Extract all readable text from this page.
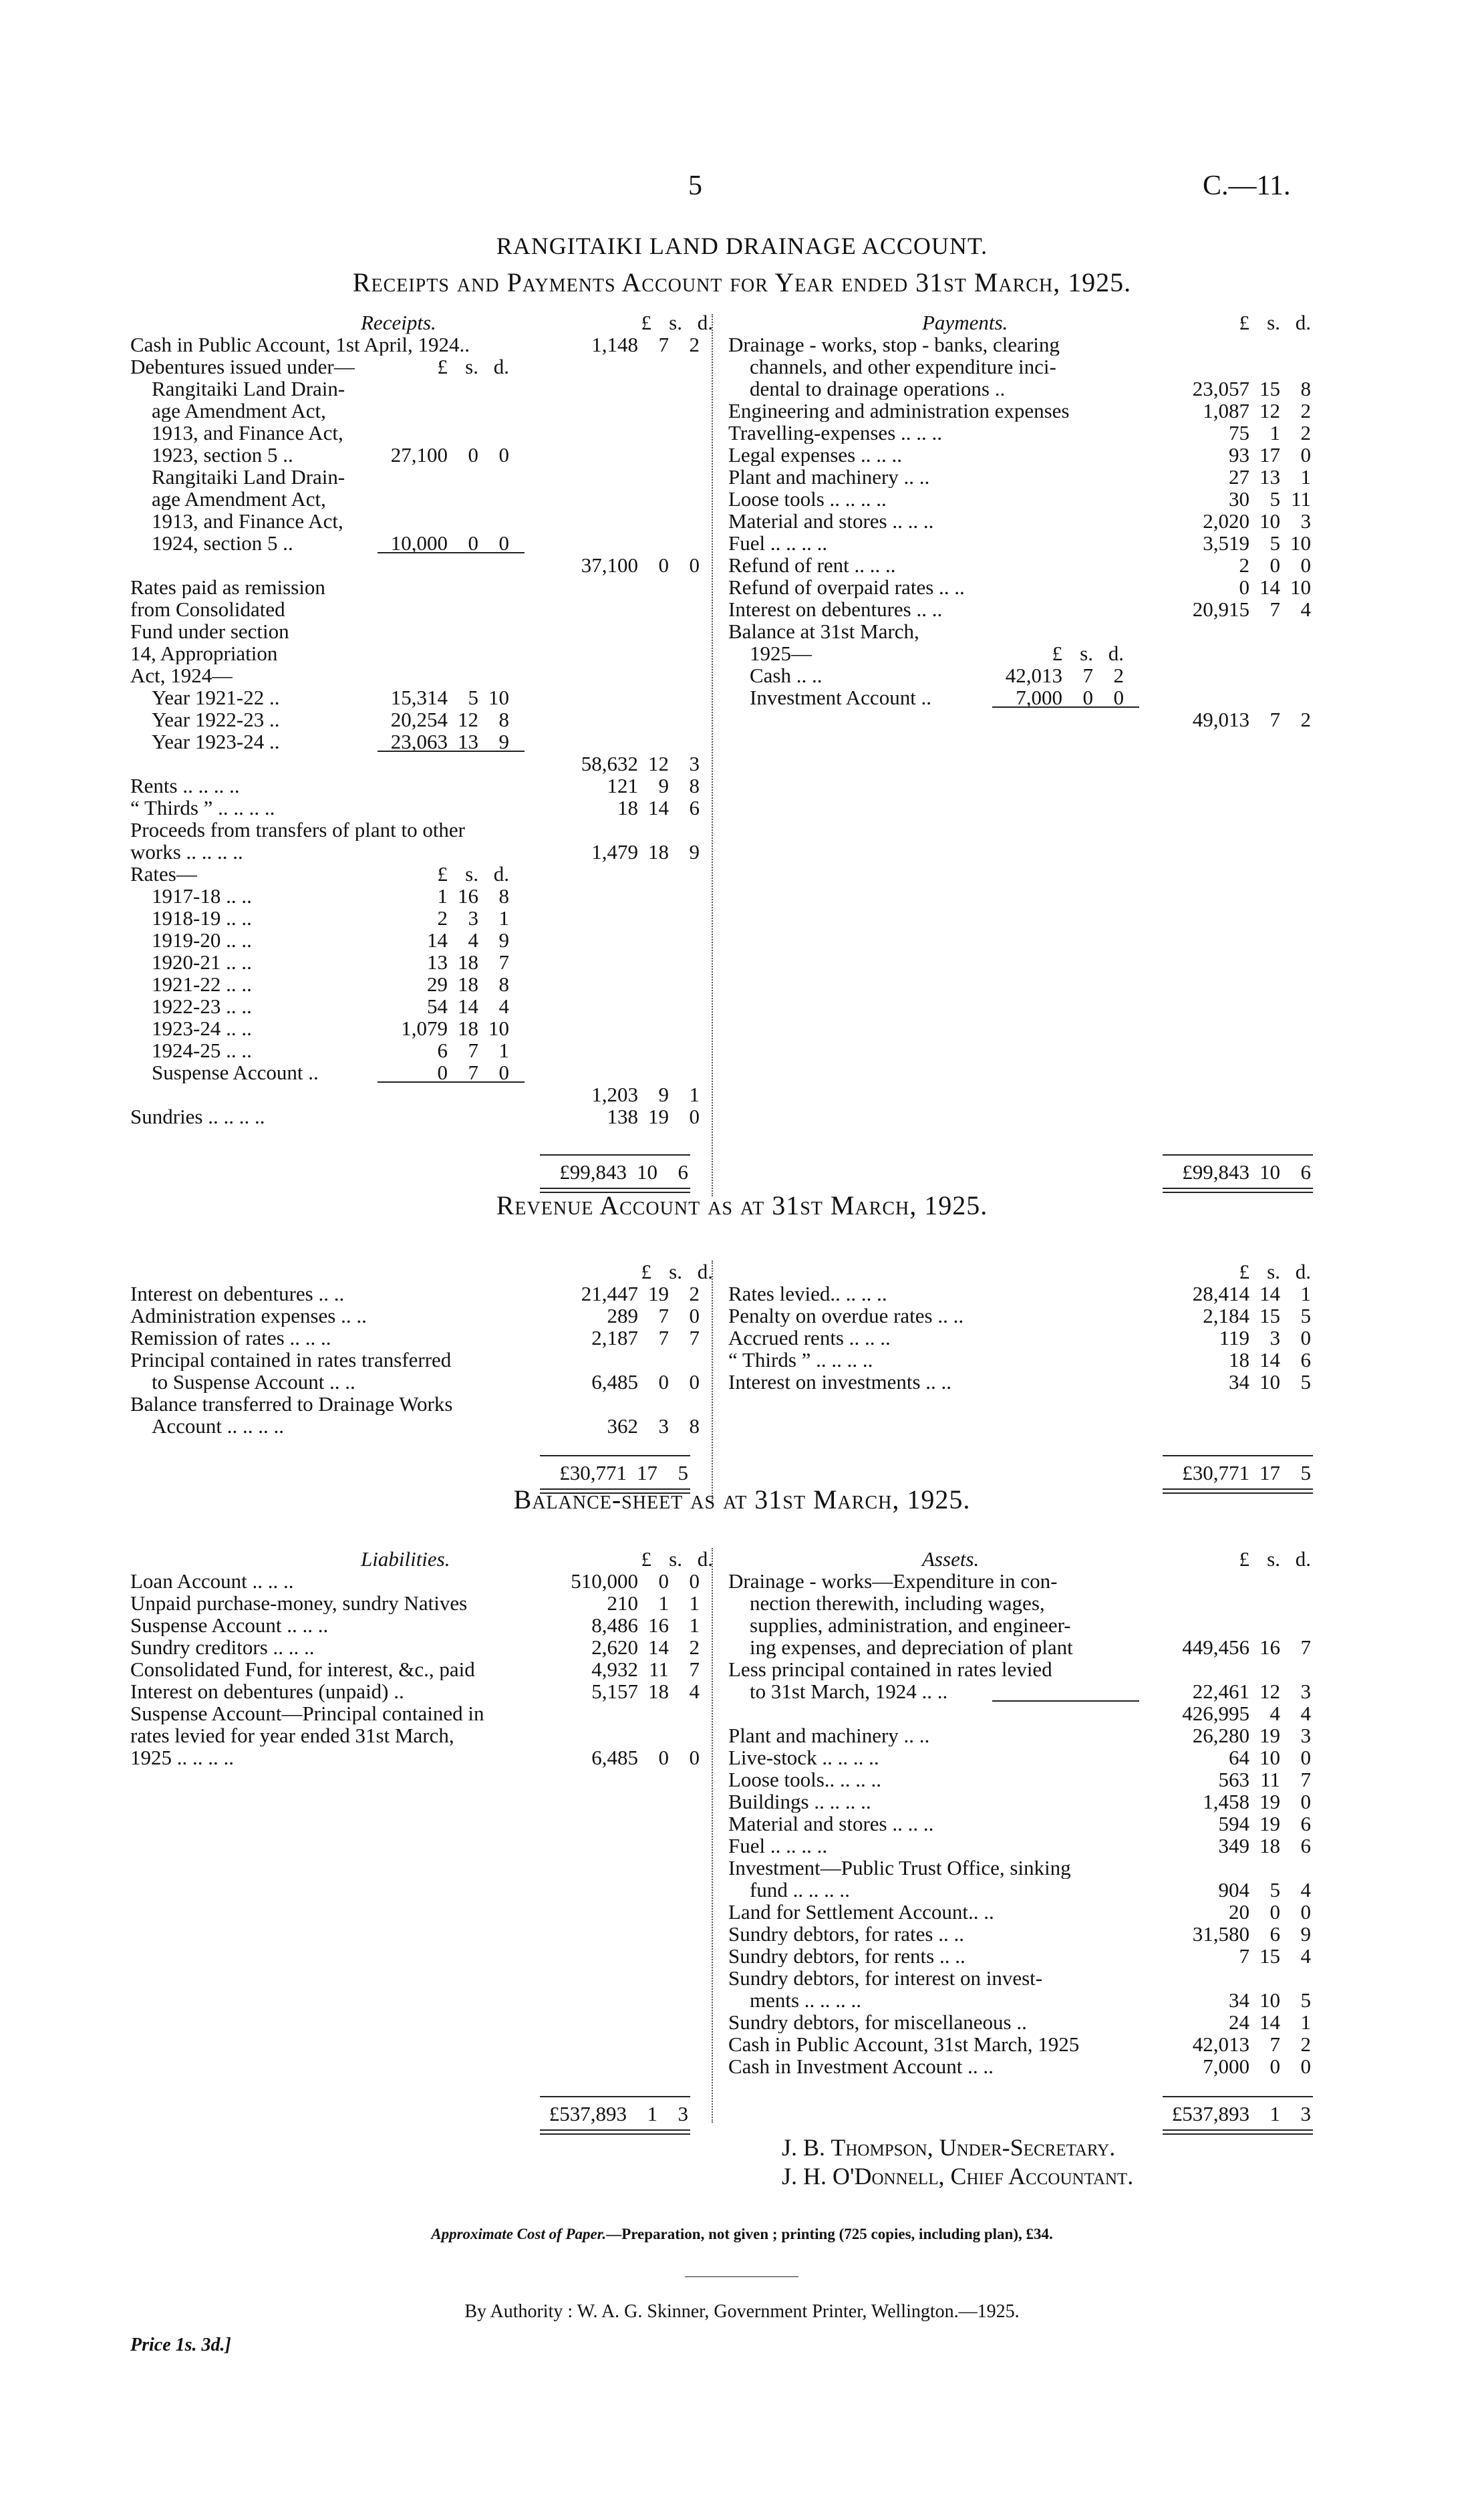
5	C.—11.
RANGITAIKI LAND DRAINAGE ACCOUNT.
Receipts and Payments Account for Year ended 31st March, 1925.
Revenue Account as at 31st March, 1925.
Balance-sheet as at 31st March, 1925.
J. B. Thompson, Under-Secretary.
J. H. O'Donnell, Chief Accountant.
Approximate Cost of Paper.—Preparation, not given ; printing (725 copies, including plan), £34.
By Authority : W. A. G. Skinner, Government Printer, Wellington.—1925.
Price 1s. 3d.]
Receipts.	Payments.
£ s. d.	£ s. d.
Cash in Public Account, 1st April, 1924..	1,148 7 2
Debentures issued under—	£ s. d.
Rangitaiki Land Drain-
age Amendment Act,
1913, and Finance Act,
1923, section 5 ..	27,100 0 0
Rangitaiki Land Drain-
age Amendment Act,
1913, and Finance Act,
1924, section 5 ..	10,000 0 0
37,100 0 0
Rates paid as remission
from Consolidated
Fund under section
14, Appropriation
Act, 1924—
Year 1921-22 ..	15,314 5 10
Year 1922-23 ..	20,254 12 8
Year 1923-24 ..	23,063 13 9
58,632 12 3
Rents .. .. .. ..	121 9 8
“ Thirds ” .. .. .. ..	18 14 6
Proceeds from transfers of plant to other
works .. .. .. ..	1,479 18 9
Rates—	£ s. d.
1917-18 .. ..	1 16 8
1918-19 .. ..	2 3 1
1919-20 .. ..	14 4 9
1920-21 .. ..	13 18 7
1921-22 .. ..	29 18 8
1922-23 .. ..	54 14 4
1923-24 .. ..	1,079 18 10
1924-25 .. ..	6 7 1
Suspense Account ..	0 7 0
1,203 9 1
Sundries .. .. .. ..	138 19 0
Drainage - works, stop - banks, clearing
channels, and other expenditure inci-
dental to drainage operations ..	23,057 15 8
Engineering and administration expenses	1,087 12 2
Travelling-expenses .. .. ..	75 1 2
Legal expenses .. .. ..	93 17 0
Plant and machinery .. ..	27 13 1
Loose tools .. .. .. ..	30 5 11
Material and stores .. .. ..	2,020 10 3
Fuel .. .. .. ..	3,519 5 10
Refund of rent .. .. ..	2 0 0
Refund of overpaid rates .. ..	0 14 10
Interest on debentures .. ..	20,915 7 4
Balance at 31st March,
1925—	£ s. d.
Cash .. ..	42,013 7 2
Investment Account ..	7,000 0 0
49,013 7 2
£99,843 10 6	£99,843 10 6
£ s. d.	£ s. d.
Interest on debentures .. ..	21,447 19 2
Administration expenses .. ..	289 7 0
Remission of rates .. .. ..	2,187 7 7
Principal contained in rates transferred
to Suspense Account .. ..	6,485 0 0
Balance transferred to Drainage Works
Account .. .. .. ..	362 3 8
Rates levied.. .. .. ..	28,414 14 1
Penalty on overdue rates .. ..	2,184 15 5
Accrued rents .. .. ..	119 3 0
“ Thirds ” .. .. .. ..	18 14 6
Interest on investments .. ..	34 10 5
£30,771 17 5	£30,771 17 5
Liabilities.	Assets.
£ s. d.	£ s. d.
Loan Account .. .. ..	510,000 0 0
Unpaid purchase-money, sundry Natives	210 1 1
Suspense Account .. .. ..	8,486 16 1
Sundry creditors .. .. ..	2,620 14 2
Consolidated Fund, for interest, &c., paid	4,932 11 7
Interest on debentures (unpaid) ..	5,157 18 4
Suspense Account—Principal contained in
rates levied for year ended 31st March,
1925 .. .. .. ..	6,485 0 0
Drainage - works—Expenditure in con-
nection therewith, including wages,
supplies, administration, and engineer-
ing expenses, and depreciation of plant	449,456 16 7
Less principal contained in rates levied
to 31st March, 1924 .. ..	22,461 12 3
426,995 4 4
Plant and machinery .. ..	26,280 19 3
Live-stock .. .. .. ..	64 10 0
Loose tools.. .. .. ..	563 11 7
Buildings .. .. .. ..	1,458 19 0
Material and stores .. .. ..	594 19 6
Fuel .. .. .. ..	349 18 6
Investment—Public Trust Office, sinking
fund .. .. .. ..	904 5 4
Land for Settlement Account.. ..	20 0 0
Sundry debtors, for rates .. ..	31,580 6 9
Sundry debtors, for rents .. ..	7 15 4
Sundry debtors, for interest on invest-
ments .. .. .. ..	34 10 5
Sundry debtors, for miscellaneous ..	24 14 1
Cash in Public Account, 31st March, 1925	42,013 7 2
Cash in Investment Account .. ..	7,000 0 0
£537,893 1 3	£537,893 1 3
